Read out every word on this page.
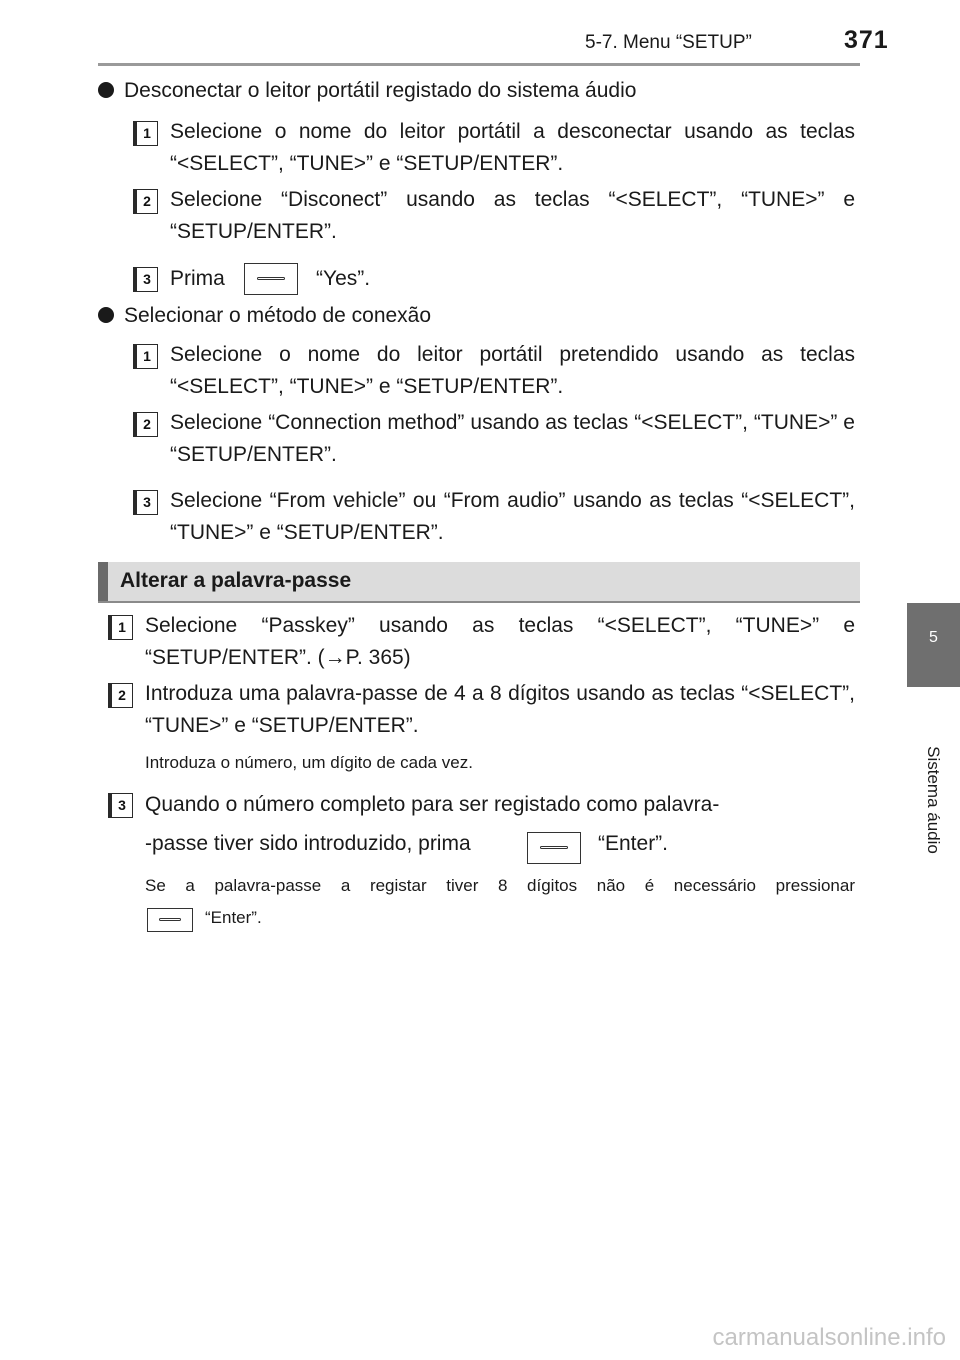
5-7. Menu “SETUP”	371
5
Sistema áudio
Desconectar o leitor portátil registado do sistema áudio
1 Selecione o nome do leitor portátil a desconectar usando as teclas “<SELECT”, “TUNE>” e “SETUP/ENTER”.
2 Selecione “Disconect” usando as teclas “<SELECT”, “TUNE>” e “SETUP/ENTER”.
3 Prima	“Yes”.
Selecionar o método de conexão
1 Selecione o nome do leitor portátil pretendido usando as teclas “<SELECT”, “TUNE>” e “SETUP/ENTER”.
2 Selecione “Connection method” usando as teclas “<SELECT”, “TUNE>” e “SETUP/ENTER”.
3 Selecione “From vehicle” ou “From audio” usando as teclas “<SELECT”, “TUNE>” e “SETUP/ENTER”.
Alterar a palavra-passe
1 Selecione “Passkey” usando as teclas “<SELECT”, “TUNE>” e “SETUP/ENTER”. (→P. 365)
2 Introduza uma palavra-passe de 4 a 8 dígitos usando as teclas “<SELECT”, “TUNE>” e “SETUP/ENTER”.
Introduza o número, um dígito de cada vez.
3 Quando o número completo para ser registado como palavra-
-passe tiver sido introduzido, prima	“Enter”.
Se a palavra-passe a registar tiver 8 dígitos não é necessário pressionar
“Enter”.
carmanualsonline.info
